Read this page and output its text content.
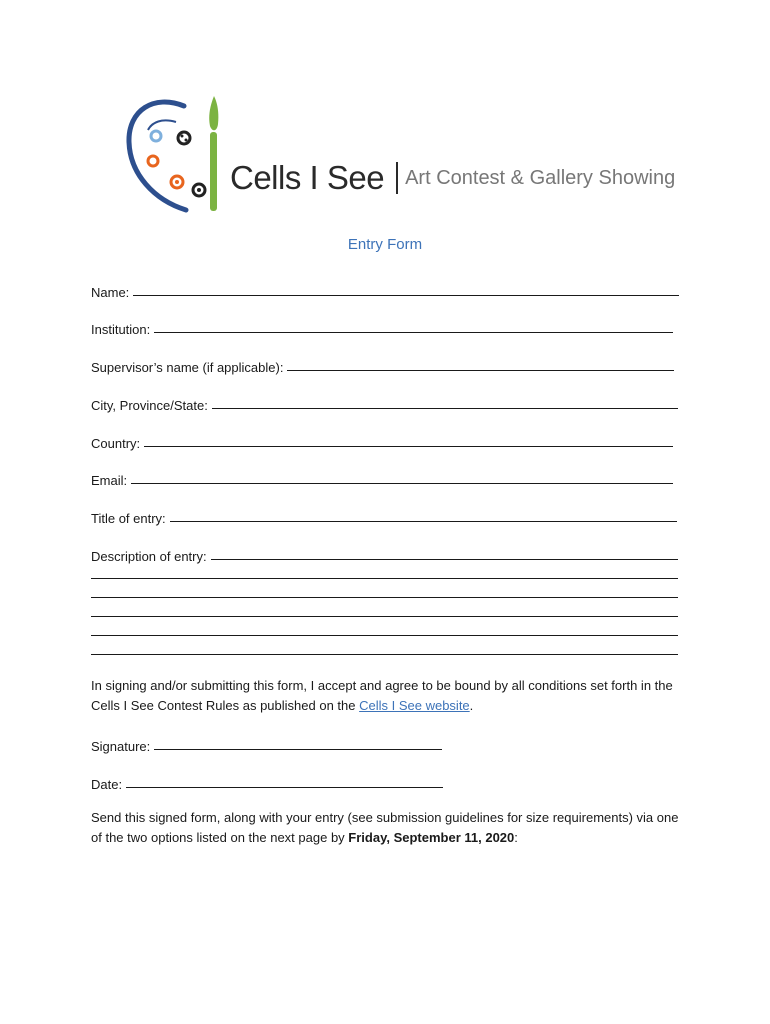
Cells I See Art Contest & Gallery Showing
Entry Form
Name:
Institution:
Supervisor’s name (if applicable):
City, Province/State:
Country:
Email:
Title of entry:
Description of entry:
In signing and/or submitting this form, I accept and agree to be bound by all conditions set forth in the Cells I See Contest Rules as published on the Cells I See website.
Signature:
Date:
Send this signed form, along with your entry (see submission guidelines for size requirements) via one of the two options listed on the next page by Friday, September 11, 2020:
